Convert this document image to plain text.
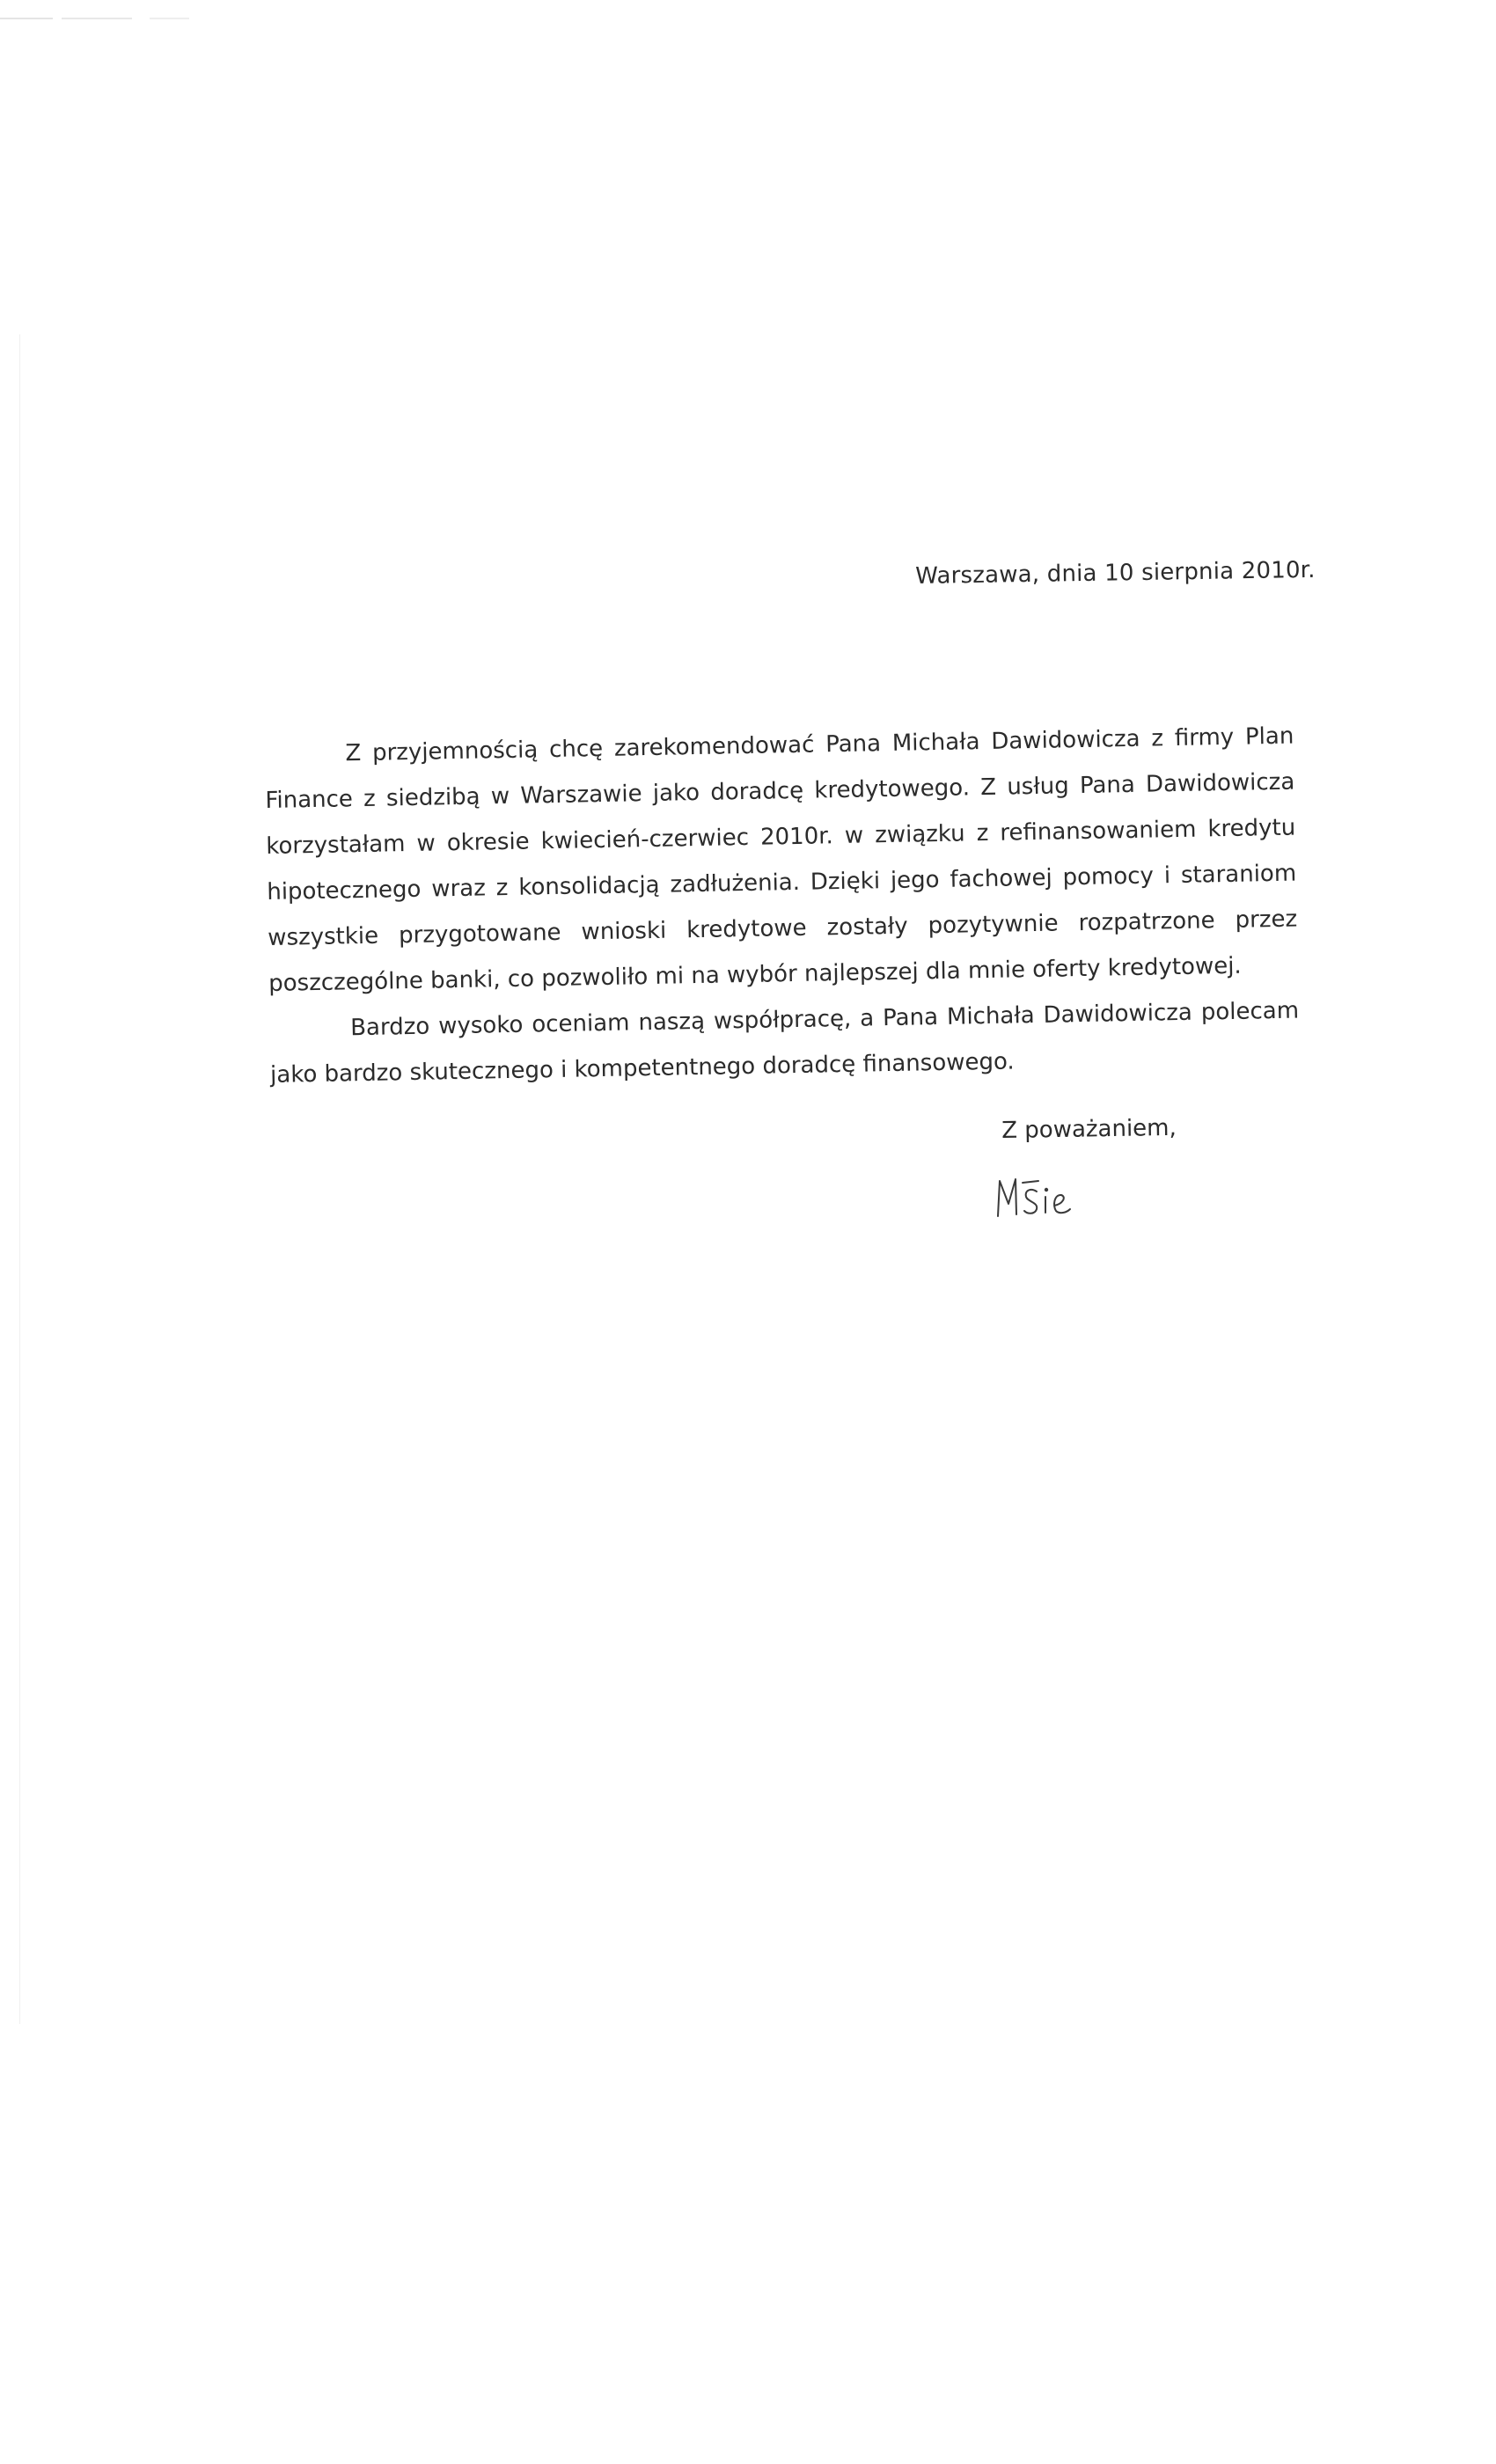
Warszawa, dnia 10 sierpnia 2010r.

Z przyjemnością chcę zarekomendować Pana Michała Dawidowicza z firmy Plan Finance z siedzibą w Warszawie jako doradcę kredytowego. Z usług Pana Dawidowicza korzystałam w okresie kwiecień-czerwiec 2010r. w związku z refinansowaniem kredytu hipotecznego wraz z konsolidacją zadłużenia. Dzięki jego fachowej pomocy i staraniom wszystkie przygotowane wnioski kredytowe zostały pozytywnie rozpatrzone przez poszczególne banki, co pozwoliło mi na wybór najlepszej dla mnie oferty kredytowej.

Bardzo wysoko oceniam naszą współpracę, a Pana Michała Dawidowicza polecam jako bardzo skutecznego i kompetentnego doradcę finansowego.

Z poważaniem,
